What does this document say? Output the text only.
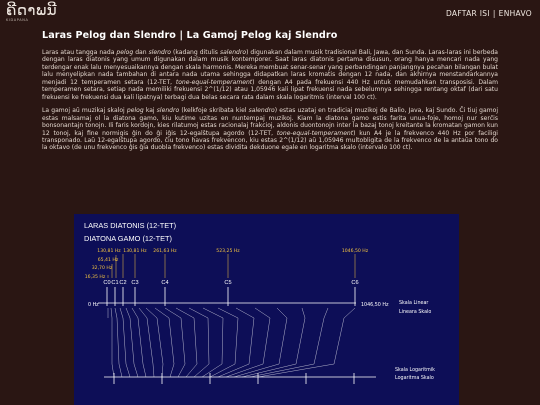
ຄີດາພນີ
KIDAPANA
DAFTAR ISI | ENHAVO
Laras Pelog dan Slendro | La Gamoj Pelog kaj Slendro

Laras atau tangga nada pelog dan slendro (kadang ditulis salendro) digunakan dalam musik tradisional Bali, Jawa, dan Sunda. Laras-laras ini berbeda dengan laras diatonis yang umum digunakan dalam musik kontemporer. Saat laras diatonis pertama disusun, orang hanya mencari nada yang terdengar enak lalu menyesuaikannya dengan skala harmonis. Mereka membuat senar-senar yang perbandingan panjangnya pecahan bilangan bulat lalu menyelipkan nada tambahan di antara nada utama sehingga didapatkan laras kromatis dengan 12 nada, dan akhirnya menstandarkannya menjadi 12 temperamen setara (12-TET, tone-equal-temperament) dengan A4 pada frekuensi 440 Hz untuk memudahkan transposisi. Dalam temperamen setara, setiap nada memiliki frekuensi 2^(1/12) atau 1,05946 kali lipat frekuensi nada sebelumnya sehingga rentang oktaf (dari satu frekuensi ke frekuensi dua kali lipatnya) terbagi dua belas secara rata dalam skala logaritmis (interval 100 ct).

La gamoj aŭ muzikaj skaloj pelog kaj slendro (kelkfoje skribata kiel salendro) estas uzataj en tradiciaj muzikoj de Balio, Java, kaj Sundo. Ĉi tiuj gamoj estas malsamaj ol la diatona gamo, kiu kutime uzitas en nuntempaj muzikoj. Kiam la diatona gamo estis farita unua-foje, homoj nur serĉis bonsonantajn tonojn. Ili faris kordojn, kies rilatumoj estas racionalaj frakcioj, aldonis duontonojn inter la bazaj tonoj kreitante la kromatan gamon kun 12 tonoj, kaj fine normigis ĝin do ĝi iĝis 12-egalŝtupa agordo (12-TET, tone-equal-temperament) kun A4 je la frekvenco 440 Hz por faciligi transponado. Laŭ 12-egalŝtupa agordo, ĉiu tono havas frekvencon, kiu estas 2^(1/12) aŭ 1,05946 multobligita de la frekvenco de la antaŭa tono do la oktavo (de unu frekvenco ĝis ĝia duobla frekvenco) estas dividita dekduone egale en logaritma skalo (intervalo 100 ct).

LARAS DIATONIS (12-TET)
DIATONA GAMO (12-TET)
130,81 Hz 130,81 Hz 261,63 Hz	523,25 Hz	1046,50 Hz
65,41 Hz
32,70 Hz
16,35 Hz
C0 C1 C2 C3	C4	C5	C6
0 Hz	1046,50 Hz Skala Linear
Lineara Skalo
Skala Logaritmik
Logaritma Skalo
